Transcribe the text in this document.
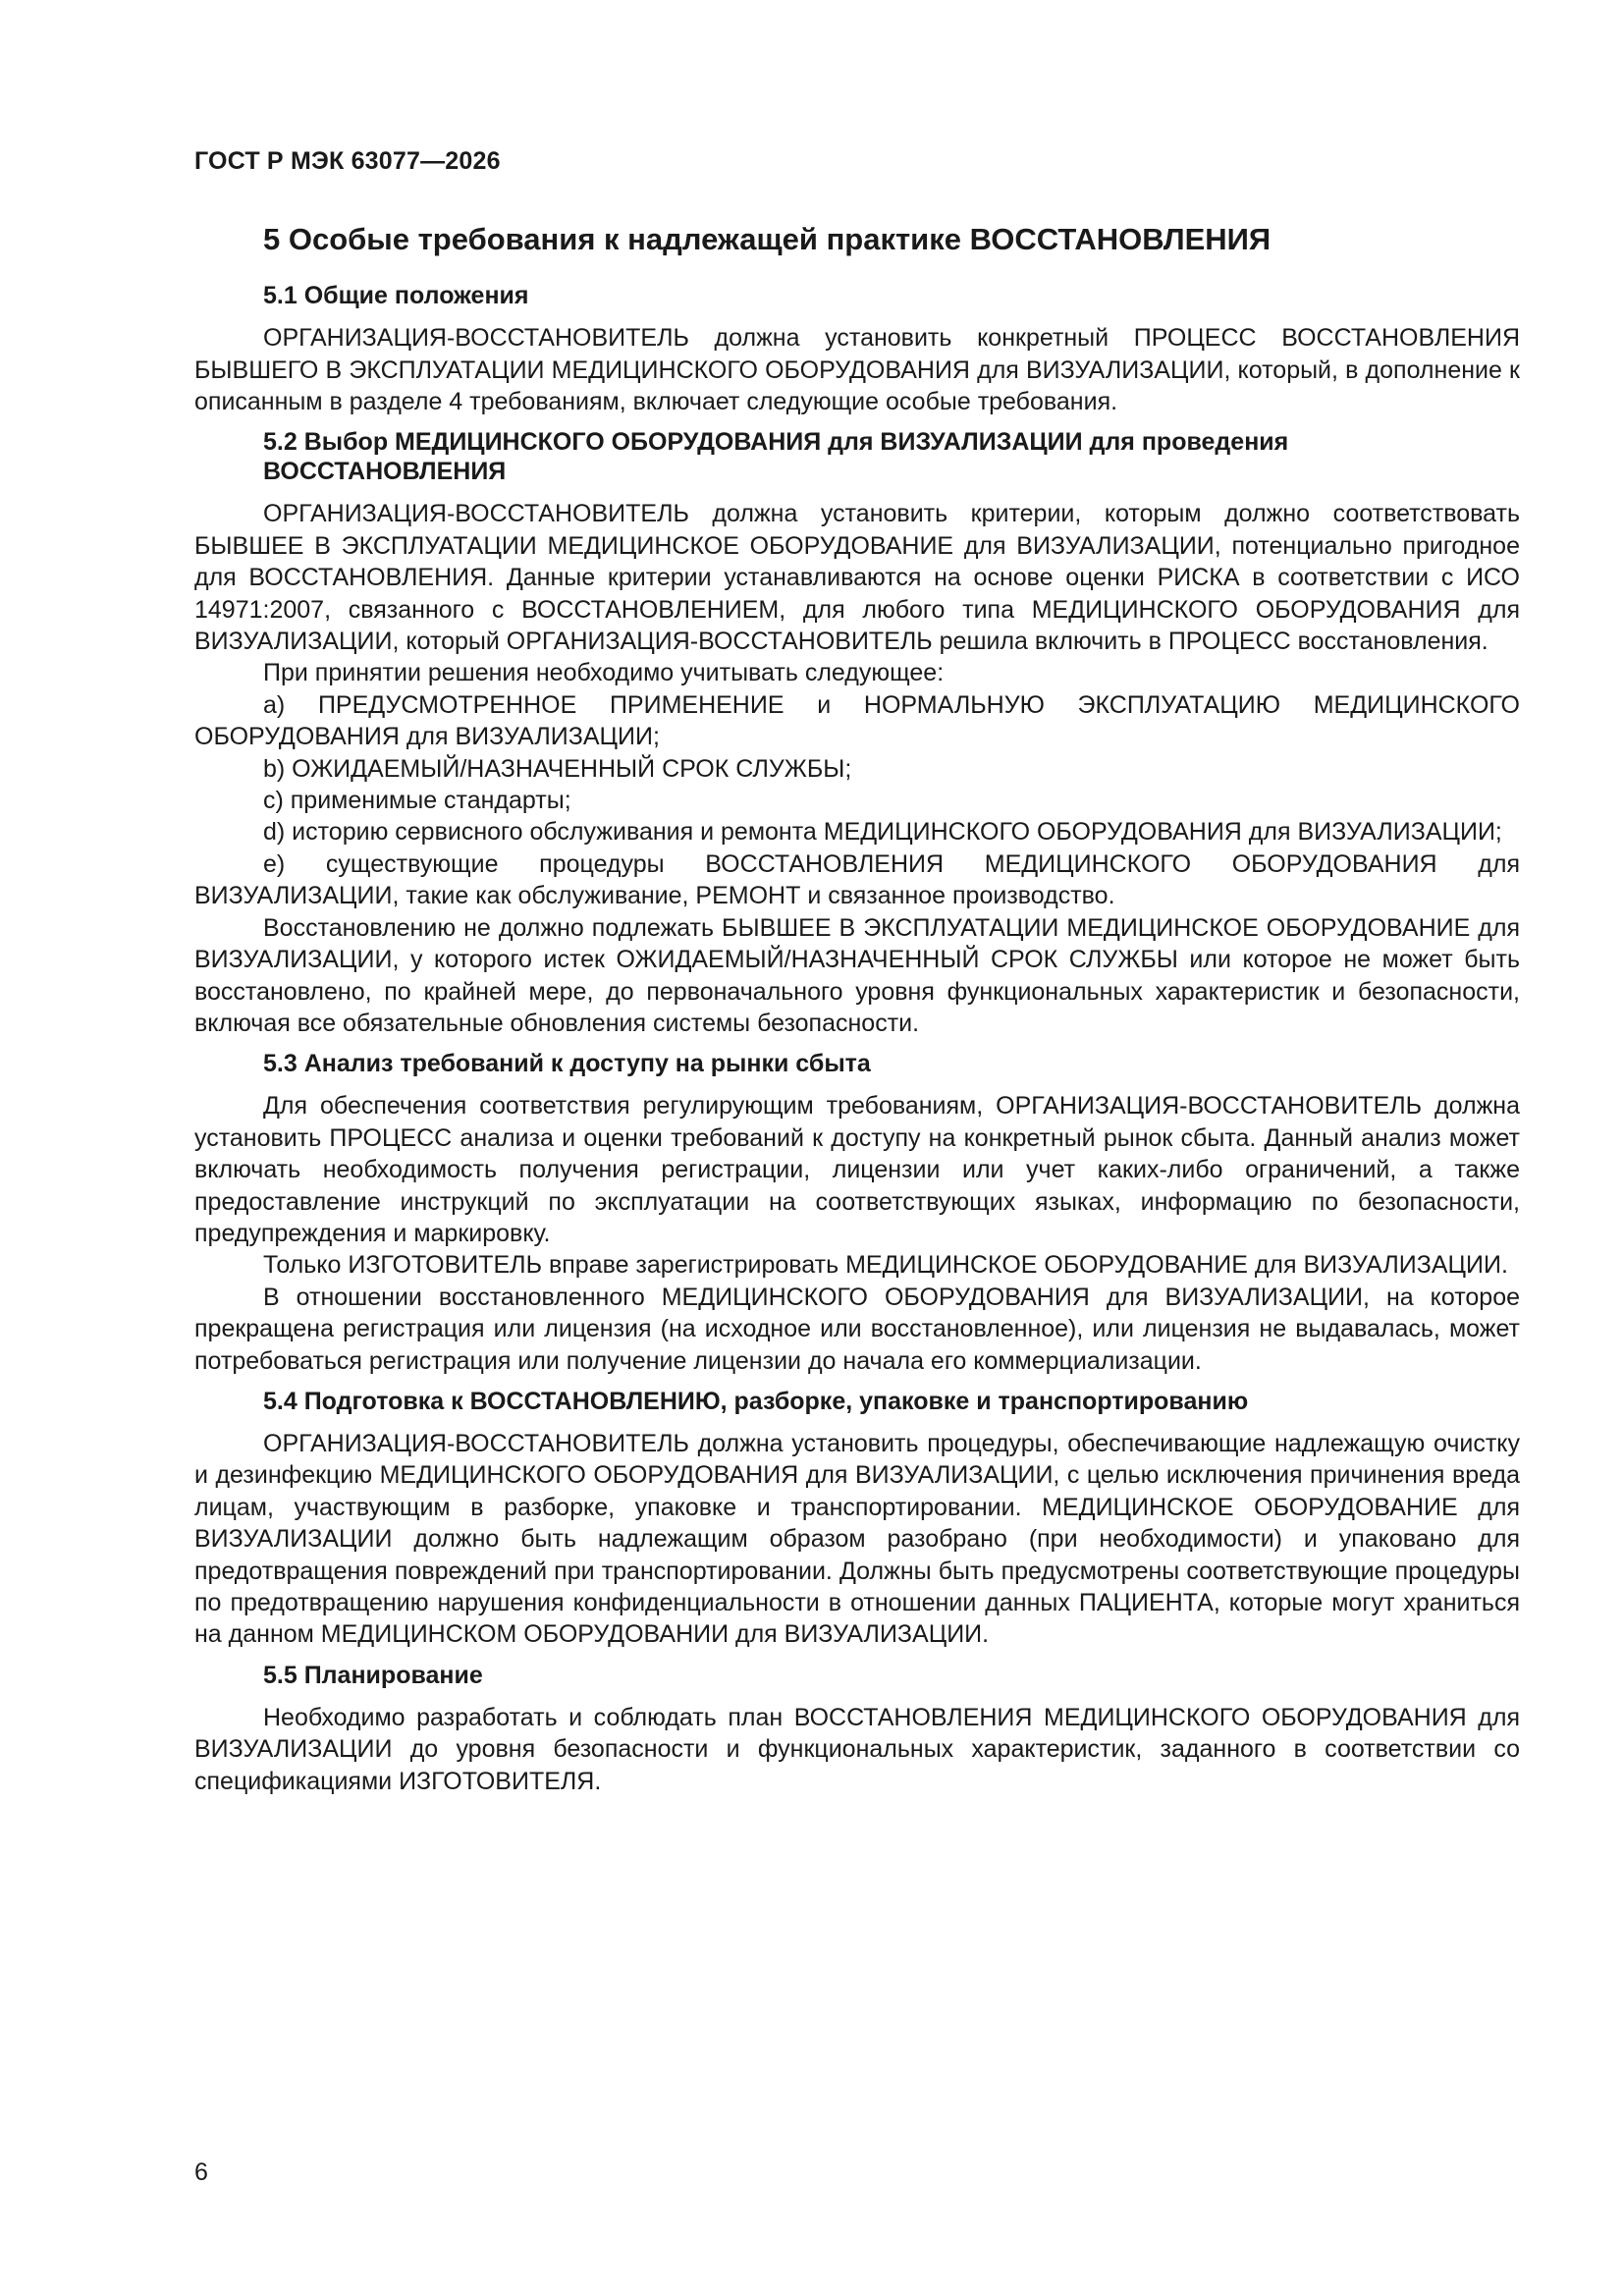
ГОСТ Р МЭК 63077—2026
5 Особые требования к надлежащей практике ВОССТАНОВЛЕНИЯ
5.1 Общие положения

ОРГАНИЗАЦИЯ-ВОССТАНОВИТЕЛЬ должна установить конкретный ПРОЦЕСС ВОССТАНОВЛЕНИЯ БЫВШЕГО В ЭКСПЛУАТАЦИИ МЕДИЦИНСКОГО ОБОРУДОВАНИЯ для ВИЗУАЛИЗАЦИИ, который, в дополнение к описанным в разделе 4 требованиям, включает следующие особые требования.

5.2 Выбор МЕДИЦИНСКОГО ОБОРУДОВАНИЯ для ВИЗУАЛИЗАЦИИ для проведения ВОССТАНОВЛЕНИЯ

ОРГАНИЗАЦИЯ-ВОССТАНОВИТЕЛЬ должна установить критерии, которым должно соответствовать БЫВШЕЕ В ЭКСПЛУАТАЦИИ МЕДИЦИНСКОЕ ОБОРУДОВАНИЕ для ВИЗУАЛИЗАЦИИ, потенциально пригодное для ВОССТАНОВЛЕНИЯ. Данные критерии устанавливаются на основе оценки РИСКА в соответствии с ИСО 14971:2007, связанного с ВОССТАНОВЛЕНИЕМ, для любого типа МЕДИЦИНСКОГО ОБОРУДОВАНИЯ для ВИЗУАЛИЗАЦИИ, который ОРГАНИЗАЦИЯ-ВОССТАНОВИТЕЛЬ решила включить в ПРОЦЕСС восстановления.

При принятии решения необходимо учитывать следующее:

a) ПРЕДУСМОТРЕННОЕ ПРИМЕНЕНИЕ и НОРМАЛЬНУЮ ЭКСПЛУАТАЦИЮ МЕДИЦИНСКОГО ОБОРУДОВАНИЯ для ВИЗУАЛИЗАЦИИ;

b) ОЖИДАЕМЫЙ/НАЗНАЧЕННЫЙ СРОК СЛУЖБЫ;

c) применимые стандарты;

d) историю сервисного обслуживания и ремонта МЕДИЦИНСКОГО ОБОРУДОВАНИЯ для ВИЗУАЛИЗАЦИИ;

e) существующие процедуры ВОССТАНОВЛЕНИЯ МЕДИЦИНСКОГО ОБОРУДОВАНИЯ для ВИЗУАЛИЗАЦИИ, такие как обслуживание, РЕМОНТ и связанное производство.

Восстановлению не должно подлежать БЫВШЕЕ В ЭКСПЛУАТАЦИИ МЕДИЦИНСКОЕ ОБОРУДОВАНИЕ для ВИЗУАЛИЗАЦИИ, у которого истек ОЖИДАЕМЫЙ/НАЗНАЧЕННЫЙ СРОК СЛУЖБЫ или которое не может быть восстановлено, по крайней мере, до первоначального уровня функциональных характеристик и безопасности, включая все обязательные обновления системы безопасности.

5.3 Анализ требований к доступу на рынки сбыта

Для обеспечения соответствия регулирующим требованиям, ОРГАНИЗАЦИЯ-ВОССТАНОВИТЕЛЬ должна установить ПРОЦЕСС анализа и оценки требований к доступу на конкретный рынок сбыта. Данный анализ может включать необходимость получения регистрации, лицензии или учет каких-либо ограничений, а также предоставление инструкций по эксплуатации на соответствующих языках, информацию по безопасности, предупреждения и маркировку.

Только ИЗГОТОВИТЕЛЬ вправе зарегистрировать МЕДИЦИНСКОЕ ОБОРУДОВАНИЕ для ВИЗУАЛИЗАЦИИ.

В отношении восстановленного МЕДИЦИНСКОГО ОБОРУДОВАНИЯ для ВИЗУАЛИЗАЦИИ, на которое прекращена регистрация или лицензия (на исходное или восстановленное), или лицензия не выдавалась, может потребоваться регистрация или получение лицензии до начала его коммерциализации.

5.4 Подготовка к ВОССТАНОВЛЕНИЮ, разборке, упаковке и транспортированию

ОРГАНИЗАЦИЯ-ВОССТАНОВИТЕЛЬ должна установить процедуры, обеспечивающие надлежащую очистку и дезинфекцию МЕДИЦИНСКОГО ОБОРУДОВАНИЯ для ВИЗУАЛИЗАЦИИ, с целью исключения причинения вреда лицам, участвующим в разборке, упаковке и транспортировании. МЕДИЦИНСКОЕ ОБОРУДОВАНИЕ для ВИЗУАЛИЗАЦИИ должно быть надлежащим образом разобрано (при необходимости) и упаковано для предотвращения повреждений при транспортировании. Должны быть предусмотрены соответствующие процедуры по предотвращению нарушения конфиденциальности в отношении данных ПАЦИЕНТА, которые могут храниться на данном МЕДИЦИНСКОМ ОБОРУДОВАНИИ для ВИЗУАЛИЗАЦИИ.

5.5 Планирование

Необходимо разработать и соблюдать план ВОССТАНОВЛЕНИЯ МЕДИЦИНСКОГО ОБОРУДОВАНИЯ для ВИЗУАЛИЗАЦИИ до уровня безопасности и функциональных характеристик, заданного в соответствии со спецификациями ИЗГОТОВИТЕЛЯ.

6
